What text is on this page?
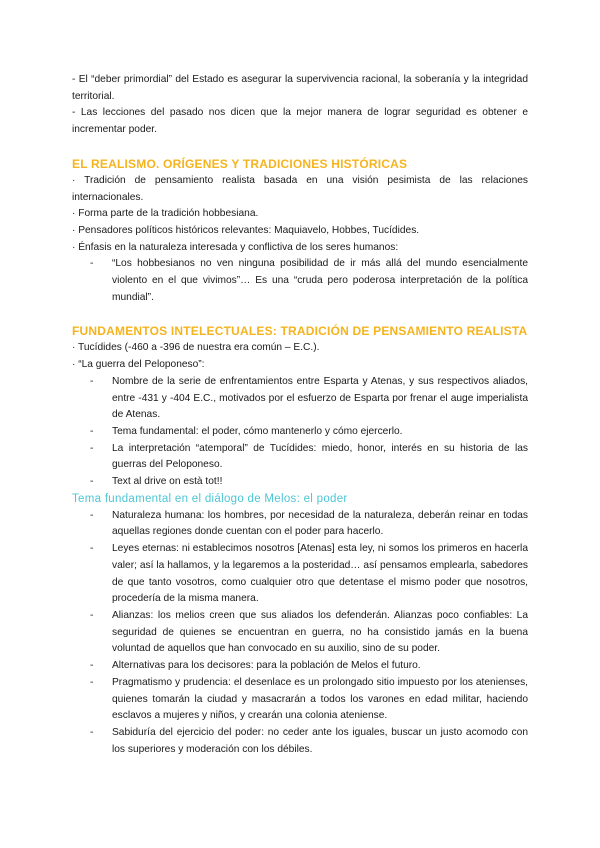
- El “deber primordial” del Estado es asegurar la supervivencia racional, la soberanía y la integridad territorial.

- Las lecciones del pasado nos dicen que la mejor manera de lograr seguridad es obtener e incrementar poder.

EL REALISMO. ORÍGENES Y TRADICIONES HISTÓRICAS

· Tradición de pensamiento realista basada en una visión pesimista de las relaciones internacionales.

· Forma parte de la tradición hobbesiana.

· Pensadores políticos históricos relevantes: Maquiavelo, Hobbes, Tucídides.

· Énfasis en la naturaleza interesada y conflictiva de los seres humanos:

- “Los hobbesianos no ven ninguna posibilidad de ir más allá del mundo esencialmente violento en el que vivimos”… Es una “cruda pero poderosa interpretación de la política mundial”.
FUNDAMENTOS INTELECTUALES: TRADICIÓN DE PENSAMIENTO REALISTA

· Tucídides (-460 a -396 de nuestra era común – E.C.).

· “La guerra del Peloponeso”:

- Nombre de la serie de enfrentamientos entre Esparta y Atenas, y sus respectivos aliados, entre -431 y -404 E.C., motivados por el esfuerzo de Esparta por frenar el auge imperialista de Atenas.
- Tema fundamental: el poder, cómo mantenerlo y cómo ejercerlo.
- La interpretación “atemporal” de Tucídides: miedo, honor, interés en su historia de las guerras del Peloponeso.
- Text al drive on està tot!!
Tema fundamental en el diálogo de Melos: el poder
- Naturaleza humana: los hombres, por necesidad de la naturaleza, deberán reinar en todas aquellas regiones donde cuentan con el poder para hacerlo.
- Leyes eternas: ni establecimos nosotros [Atenas] esta ley, ni somos los primeros en hacerla valer; así la hallamos, y la legaremos a la posteridad… así pensamos emplearla, sabedores de que tanto vosotros, como cualquier otro que detentase el mismo poder que nosotros, procedería de la misma manera.
- Alianzas: los melios creen que sus aliados los defenderán. Alianzas poco confiables: La seguridad de quienes se encuentran en guerra, no ha consistido jamás en la buena voluntad de aquellos que han convocado en su auxilio, sino de su poder.
- Alternativas para los decisores: para la población de Melos el futuro.
- Pragmatismo y prudencia: el desenlace es un prolongado sitio impuesto por los atenienses, quienes tomarán la ciudad y masacrarán a todos los varones en edad militar, haciendo esclavos a mujeres y niños, y crearán una colonia ateniense.
- Sabiduría del ejercicio del poder: no ceder ante los iguales, buscar un justo acomodo con los superiores y moderación con los débiles.
